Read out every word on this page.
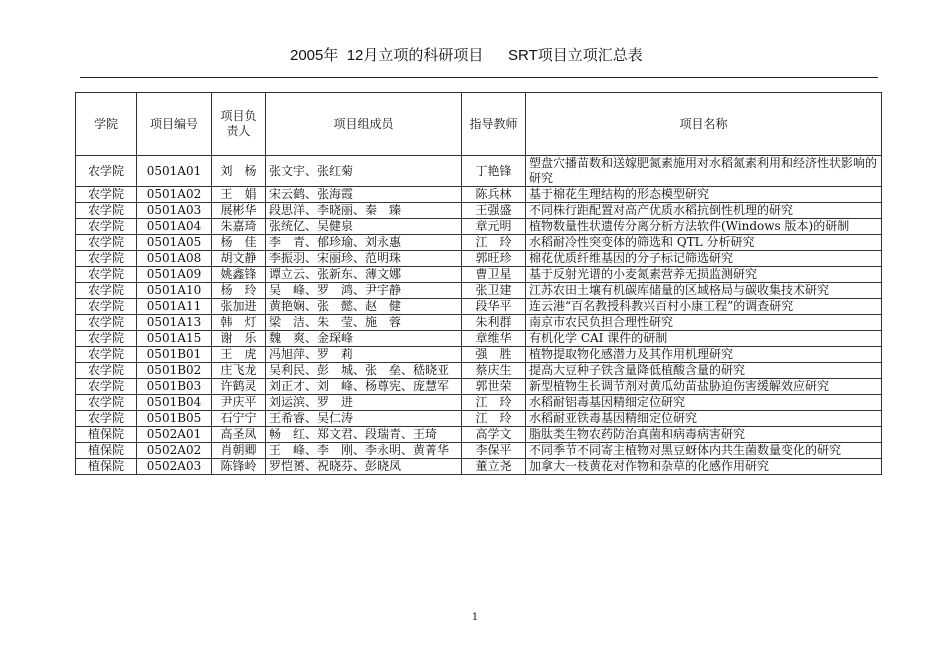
2005年  12月立项的科研项目 SRT项目立项汇总表
学院	项目编号	项目负责人	项目组成员	指导教师	项目名称
农学院	0501A01	刘　杨	张文宇、张红菊	丁艳锋	塑盘穴播苗数和送嫁肥氮素施用对水稻氮素利用和经济性状影响的研究
农学院	0501A02	王　娟	宋云鹤、张海霞	陈兵林	基于棉花生理结构的形态模型研究
农学院	0501A03	展彬华	段思洋、李晓丽、秦　臻	王强盛	不同株行距配置对高产优质水稻抗倒性机理的研究
农学院	0501A04	朱嘉琦	张统亿、吴健泉	章元明	植物数量性状遗传分离分析方法软件(Windows 版本)的研制
农学院	0501A05	杨　佳	李　青、郁珍瑜、刘永惠	江　玲	水稻耐冷性突变体的筛选和 QTL 分析研究
农学院	0501A08	胡文静	李振羽、宋丽珍、范明珠	郭旺珍	棉花优质纤维基因的分子标记筛选研究
农学院	0501A09	姚鑫锋	谭立云、张新东、薄文娜	曹卫星	基于反射光谱的小麦氮素营养无损监测研究
农学院	0501A10	杨　玲	吴　峰、罗　鸿、尹宇静	张卫建	江苏农田土壤有机碳库储量的区域格局与碳收集技术研究
农学院	0501A11	张加进	黄艳娴、张　懿、赵　健	段华平	连云港“百名教授科教兴百村小康工程”的调查研究
农学院	0501A13	韩　灯	梁　洁、朱　莹、施　蓉	朱利群	南京市农民负担合理性研究
农学院	0501A15	谢　乐	魏　爽、金琛峰	章维华	有机化学 CAI 课件的研制
农学院	0501B01	王　虎	冯旭萍、罗　莉	强　胜	植物提取物化感潜力及其作用机理研究
农学院	0501B02	庄飞龙	吴利民、彭　城、张　垒、嵇晓亚	蔡庆生	提高大豆种子铁含量降低植酸含量的研究
农学院	0501B03	许鹤灵	刘正才、刘　峰、杨尊宪、庞慧军	郭世荣	新型植物生长调节剂对黄瓜幼苗盐胁迫伤害缓解效应研究
农学院	0501B04	尹庆平	刘运滨、罗　进	江　玲	水稻耐铝毒基因精细定位研究
农学院	0501B05	石宁宁	王希睿、吴仁涛	江　玲	水稻耐亚铁毒基因精细定位研究
植保院	0502A01	高圣凤	畅　红、郑文君、段瑞青、王琦	高学文	脂肽类生物农药防治真菌和病毒病害研究
植保院	0502A02	肖朝卿	王　峰、李　刚、李永明、黄菁华	李保平	不同季节不同寄主植物对黑豆蚜体内共生菌数量变化的研究
植保院	0502A03	陈锋岭	罗恺赟、祝晓芬、彭晓凤	董立尧	加拿大一枝黄花对作物和杂草的化感作用研究
1
